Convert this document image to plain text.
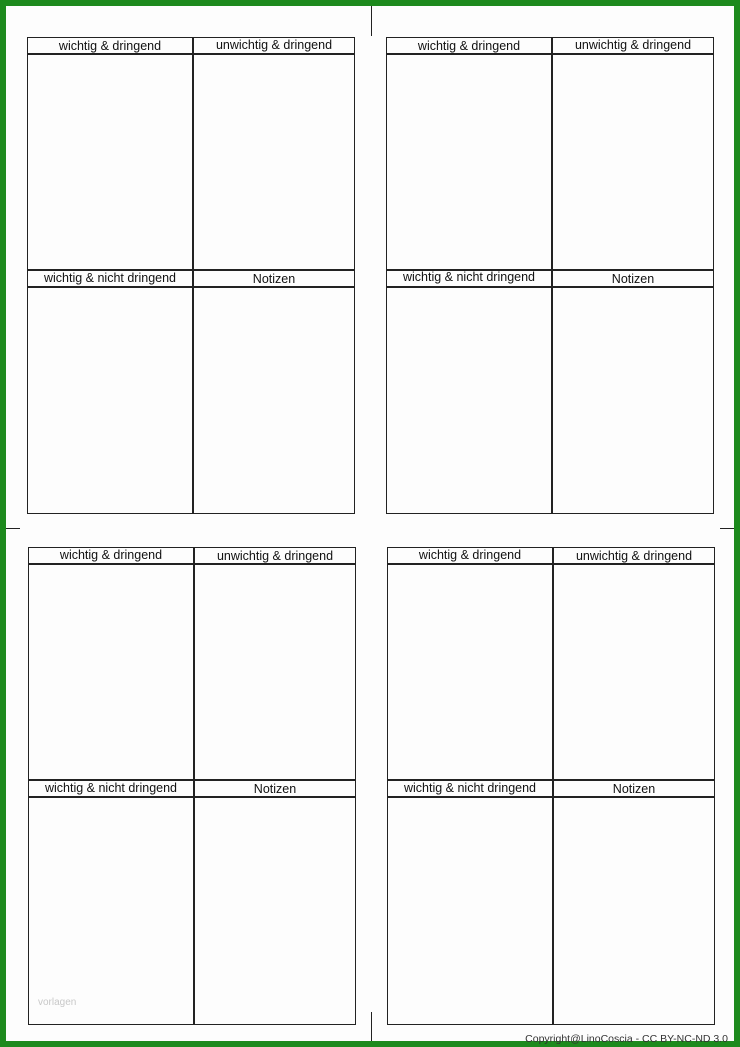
wichtig & dringend	unwichtig & dringend
wichtig & nicht dringend	Notizen
wichtig & dringend	unwichtig & dringend
wichtig & nicht dringend	Notizen
wichtig & dringend	unwichtig & dringend
wichtig & nicht dringend	Notizen
wichtig & dringend	unwichtig & dringend
wichtig & nicht dringend	Notizen
vorlagen
Copyright@LinoCoscia - CC BY-NC-ND 3.0
